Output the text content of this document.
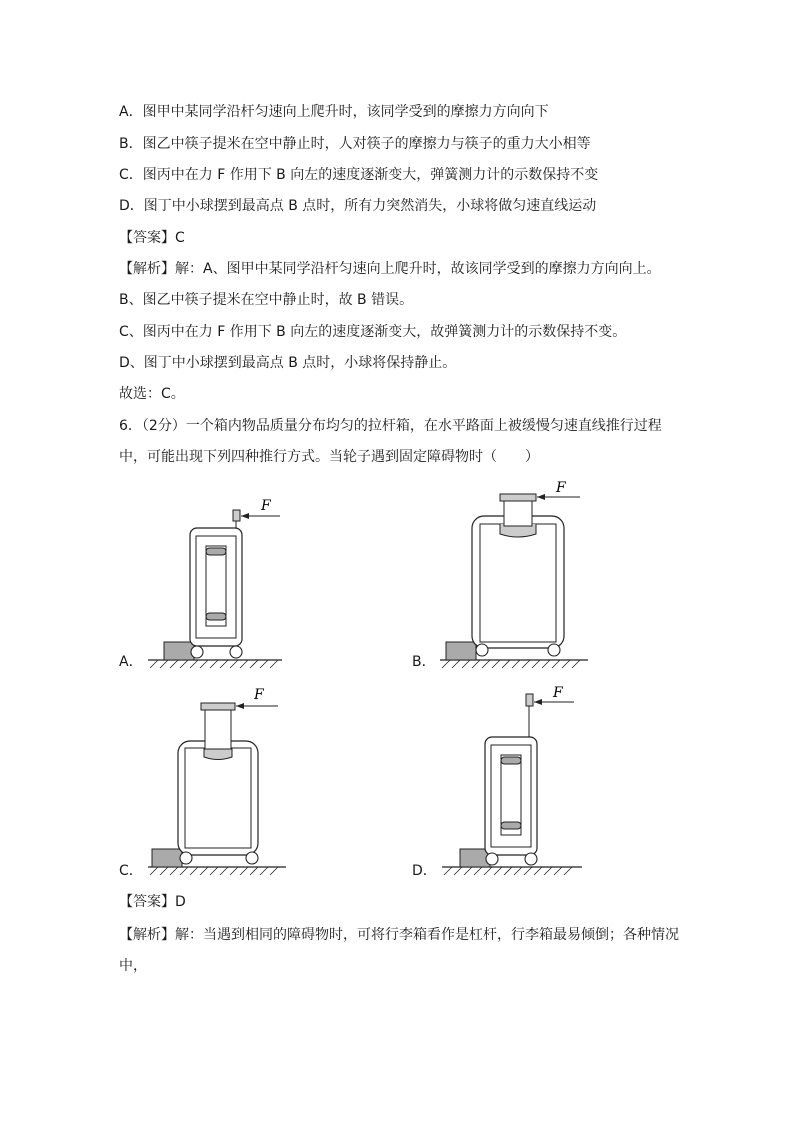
A．图甲中某同学沿杆匀速向上爬升时，该同学受到的摩擦力方向向下
B．图乙中筷子提米在空中静止时，人对筷子的摩擦力与筷子的重力大小相等
C．图丙中在力 F 作用下 B 向左的速度逐渐变大，弹簧测力计的示数保持不变
D．图丁中小球摆到最高点 B 点时，所有力突然消失，小球将做匀速直线运动
【答案】C
【解析】解：A、图甲中某同学沿杆匀速向上爬升时，故该同学受到的摩擦力方向向上。
B、图乙中筷子提米在空中静止时，故 B 错误。
C、图丙中在力 F 作用下 B 向左的速度逐渐变大，故弹簧测力计的示数保持不变。
D、图丁中小球摆到最高点 B 点时，小球将保持静止。
故选：C。
6．（2分）一个箱内物品质量分布均匀的拉杆箱，在水平路面上被缓慢匀速直线推行过程中，可能出现下列四种推行方式。当轮子遇到固定障碍物时（　　）
A．
F
B．
F
C．
F
D．
F
【答案】D
【解析】解：当遇到相同的障碍物时，可将行李箱看作是杠杆，行李箱最易倾倒；各种情况中，
